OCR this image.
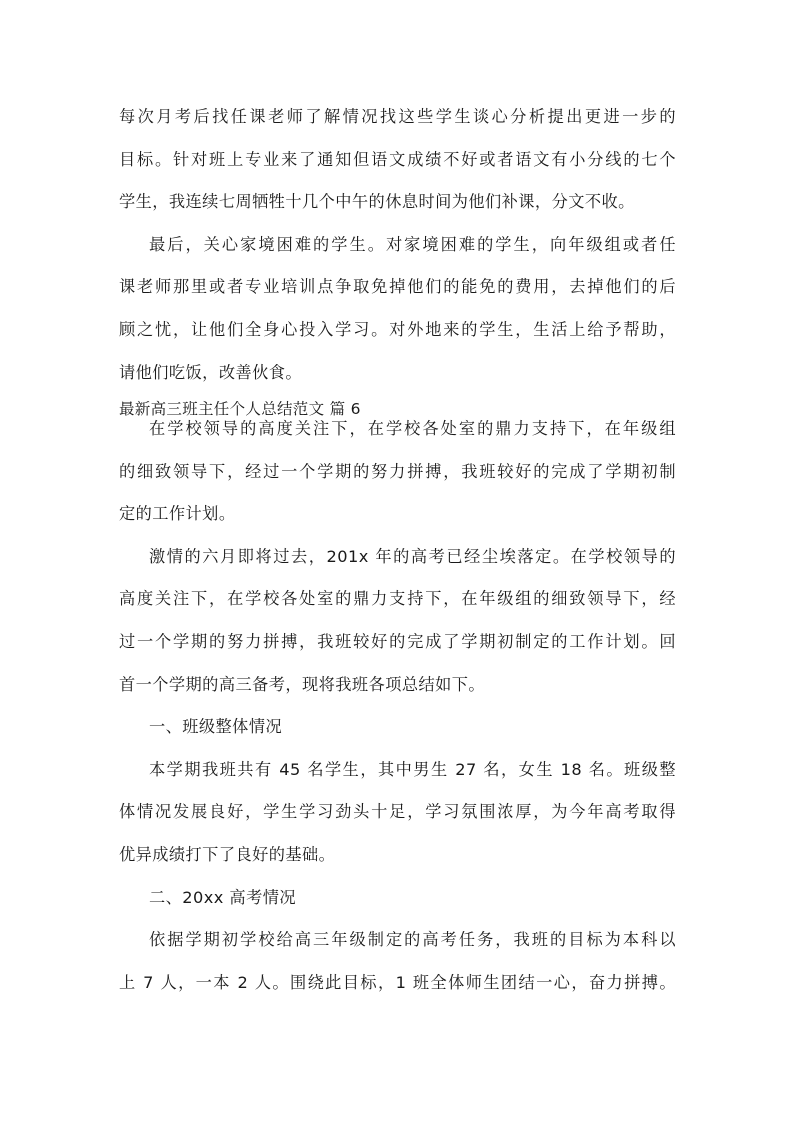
每次月考后找任课老师了解情况找这些学生谈心分析提出更进一步的
目标。针对班上专业来了通知但语文成绩不好或者语文有小分线的七个
学生，我连续七周牺牲十几个中午的休息时间为他们补课，分文不收。

最后，关心家境困难的学生。对家境困难的学生，向年级组或者任
课老师那里或者专业培训点争取免掉他们的能免的费用，去掉他们的后
顾之忧，让他们全身心投入学习。对外地来的学生，生活上给予帮助，
请他们吃饭，改善伙食。

最新高三班主任个人总结范文 篇 6

在学校领导的高度关注下，在学校各处室的鼎力支持下，在年级组
的细致领导下，经过一个学期的努力拼搏，我班较好的完成了学期初制
定的工作计划。

激情的六月即将过去，201x 年的高考已经尘埃落定。在学校领导的
高度关注下，在学校各处室的鼎力支持下，在年级组的细致领导下，经
过一个学期的努力拼搏，我班较好的完成了学期初制定的工作计划。回
首一个学期的高三备考，现将我班各项总结如下。

一、班级整体情况

本学期我班共有 45 名学生，其中男生 27 名，女生 18 名。班级整
体情况发展良好，学生学习劲头十足，学习氛围浓厚，为今年高考取得
优异成绩打下了良好的基础。

二、20xx 高考情况

依据学期初学校给高三年级制定的高考任务，我班的目标为本科以
上 7 人，一本 2 人。围绕此目标，1 班全体师生团结一心，奋力拼搏。
